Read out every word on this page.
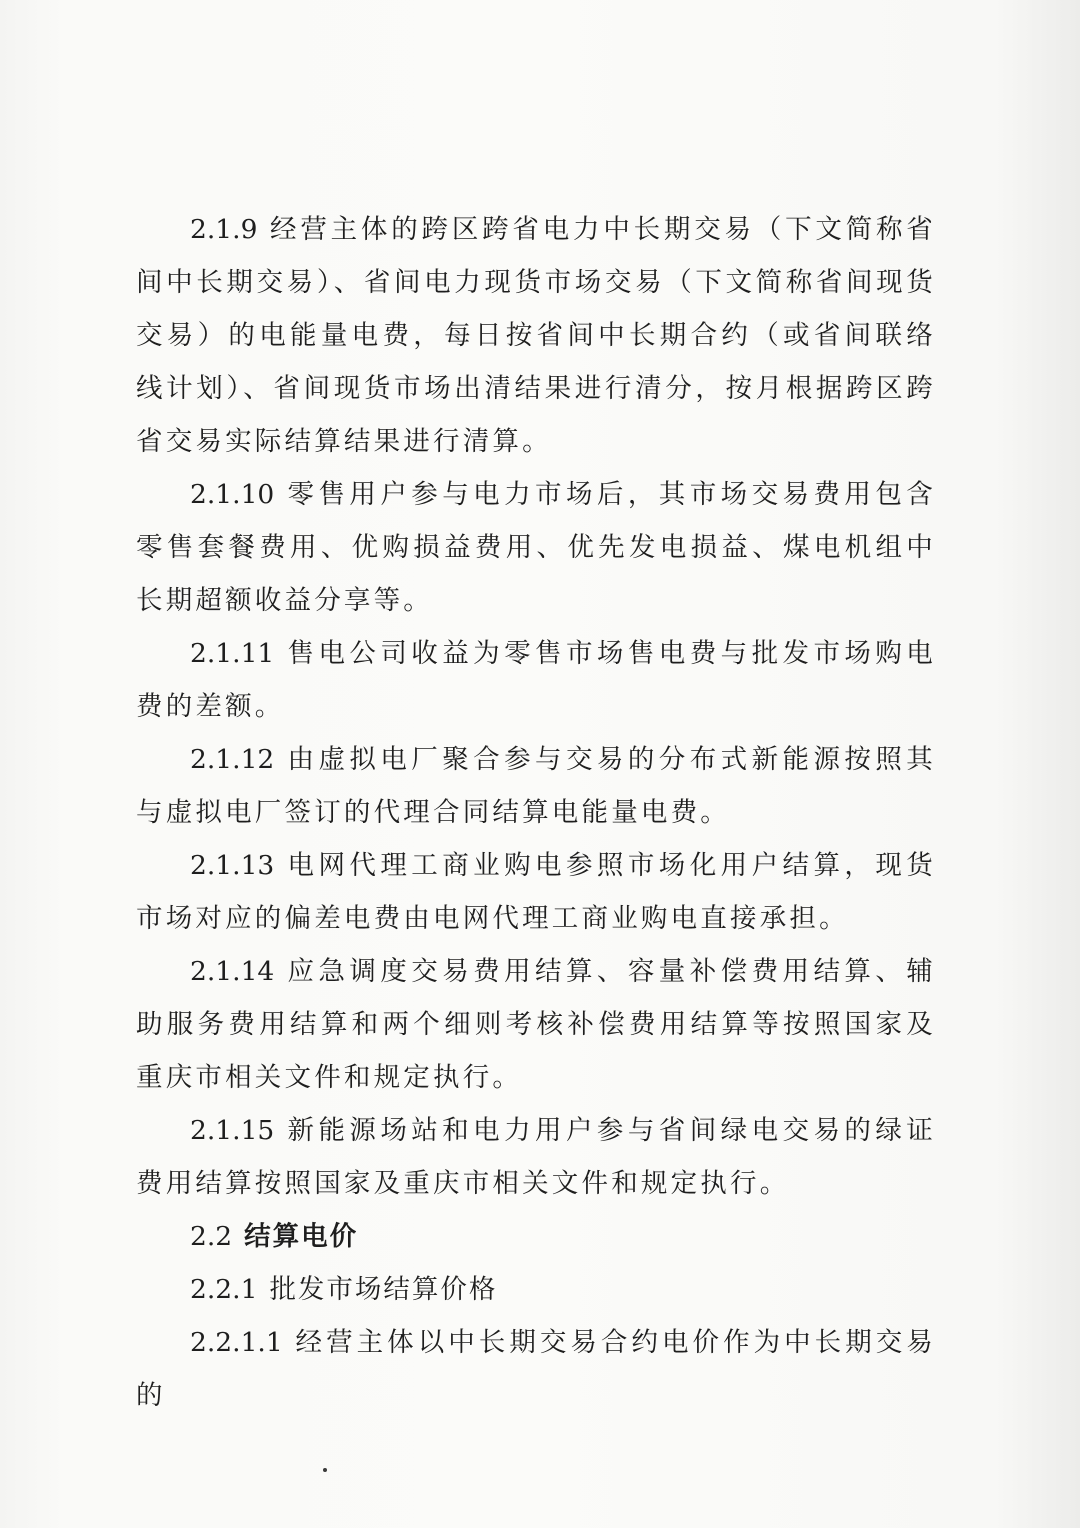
2.1.9 经营主体的跨区跨省电力中长期交易（下文简称省间中长期交易）、省间电力现货市场交易（下文简称省间现货交易）的电能量电费，每日按省间中长期合约（或省间联络线计划）、省间现货市场出清结果进行清分，按月根据跨区跨省交易实际结算结果进行清算。

2.1.10 零售用户参与电力市场后，其市场交易费用包含零售套餐费用、优购损益费用、优先发电损益、煤电机组中长期超额收益分享等。

2.1.11 售电公司收益为零售市场售电费与批发市场购电费的差额。

2.1.12 由虚拟电厂聚合参与交易的分布式新能源按照其与虚拟电厂签订的代理合同结算电能量电费。

2.1.13 电网代理工商业购电参照市场化用户结算，现货市场对应的偏差电费由电网代理工商业购电直接承担。

2.1.14 应急调度交易费用结算、容量补偿费用结算、辅助服务费用结算和两个细则考核补偿费用结算等按照国家及重庆市相关文件和规定执行。

2.1.15 新能源场站和电力用户参与省间绿电交易的绿证费用结算按照国家及重庆市相关文件和规定执行。

2.2 结算电价

2.2.1 批发市场结算价格

2.2.1.1 经营主体以中长期交易合约电价作为中长期交易的
